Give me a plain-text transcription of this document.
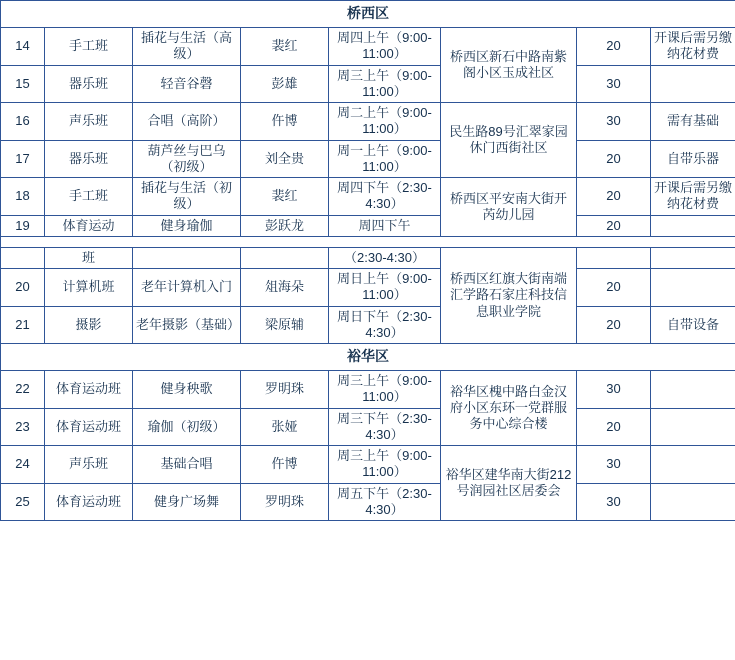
桥西区							
14	手工班	插花与生活（高级）	裴红	周四上午（9:00-11:00）	桥西区新石中路南紫阁小区玉成社区	20	开课后需另缴纳花材费
15	器乐班	轻音谷磬	彭雄	周三上午（9:00-11:00）		30	
16	声乐班	合唱（高阶）	仵博	周二上午（9:00-11:00）	民生路89号汇翠家园休门西街社区	30	需有基础
17	器乐班	葫芦丝与巴乌（初级）	刘全贵	周一上午（9:00-11:00）		20	自带乐器
18	手工班	插花与生活（初级）	裴红	周四下午（2:30-4:30）	桥西区平安南大街开芮幼儿园	20	开课后需另缴纳花材费
19	体育运动	健身瑜伽	彭跃龙	周四下午		20	

	班			（2:30-4:30）	桥西区红旗大街南端汇学路石家庄科技信息职业学院		
20	计算机班	老年计算机入门	俎海朵	周日上午（9:00-11:00）		20	
21	摄影	老年摄影（基础）	梁原辅	周日下午（2:30-4:30）		20	自带设备
裕华区							
22	体育运动班	健身秧歌	罗明珠	周三上午（9:00-11:00）	裕华区槐中路白金汉府小区东环一党群服务中心综合楼	30	
23	体育运动班	瑜伽（初级）	张娅	周三下午（2:30-4:30）		20	
24	声乐班	基础合唱	仵博	周三上午（9:00-11:00）	裕华区建华南大街212号润园社区居委会	30	
25	体育运动班	健身广场舞	罗明珠	周五下午（2:30-4:30）		30	
